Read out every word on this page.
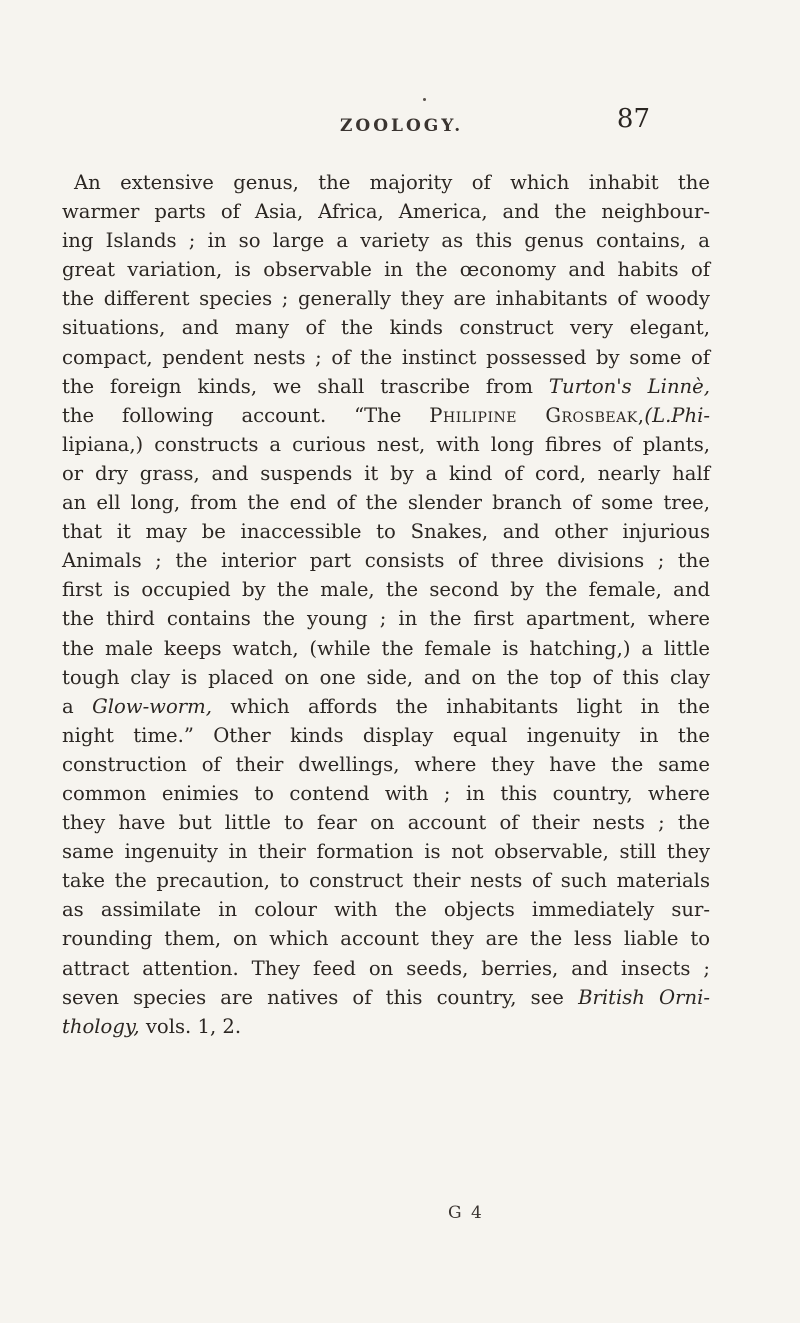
ZOOLOGY.	87
An extensive genus, the majority of which inhabit the
warmer parts of Asia, Africa, America, and the neighbour-
ing Islands ; in so large a variety as this genus contains, a
great variation, is observable in the œconomy and habits of
the different species ; generally they are inhabitants of woody
situations, and many of the kinds construct very elegant,
compact, pendent nests ; of the instinct possessed by some of
the foreign kinds, we shall trascribe from Turton's Linnè,
the following account. “The Philipine Grosbeak,(L.Phi-
lipiana,) constructs a curious nest, with long fibres of plants,
or dry grass, and suspends it by a kind of cord, nearly half
an ell long, from the end of the slender branch of some tree,
that it may be inaccessible to Snakes, and other injurious
Animals ; the interior part consists of three divisions ; the
first is occupied by the male, the second by the female, and
the third contains the young ; in the first apartment, where
the male keeps watch, (while the female is hatching,) a little
tough clay is placed on one side, and on the top of this clay
a Glow-worm, which affords the inhabitants light in the
night time.” Other kinds display equal ingenuity in the
construction of their dwellings, where they have the same
common enimies to contend with ; in this country, where
they have but little to fear on account of their nests ; the
same ingenuity in their formation is not observable, still they
take the precaution, to construct their nests of such materials
as assimilate in colour with the objects immediately sur-
rounding them, on which account they are the less liable to
attract attention. They feed on seeds, berries, and insects ;
seven species are natives of this country, see British Orni-
thology, vols. 1, 2.
G 4
